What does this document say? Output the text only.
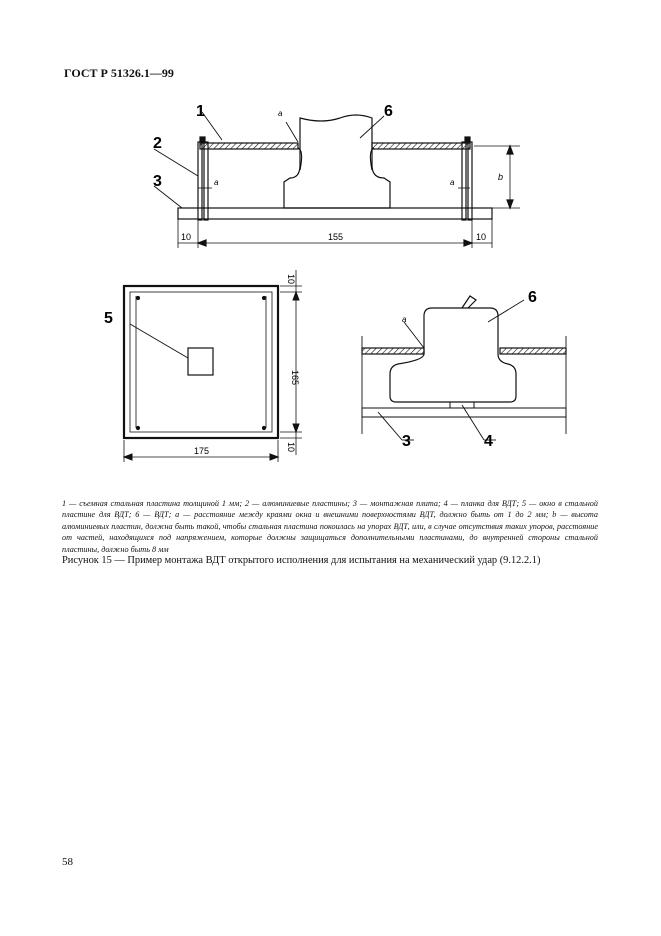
ГОСТ Р 51326.1—99
1
2
3
6
a
a	a
b
155
10	10
5
175
165
10
10
6
3	4
a
1 — съемная стальная пластина толщиной 1 мм; 2 — алюминиевые пластины; 3 — монтажная плита; 4 — планка для ВДТ; 5 — окно в стальной пластине для ВДТ; 6 — ВДТ; а — расстояние между краями окна и внешними поверхностями ВДТ, должно быть от 1 до 2 мм; b — высота алюминиевых пластин, должна быть такой, чтобы стальная пластина покоилась на упорах ВДТ, или, в случае отсутствия таких упоров, расстояние от частей, находящихся под напряжением, которые должны защищаться дополнительными пластинами, до внутренней стороны стальной пластины, должно быть 8 мм
Рисунок 15 — Пример монтажа ВДТ открытого исполнения для испытания на механический удар (9.12.2.1)
58
